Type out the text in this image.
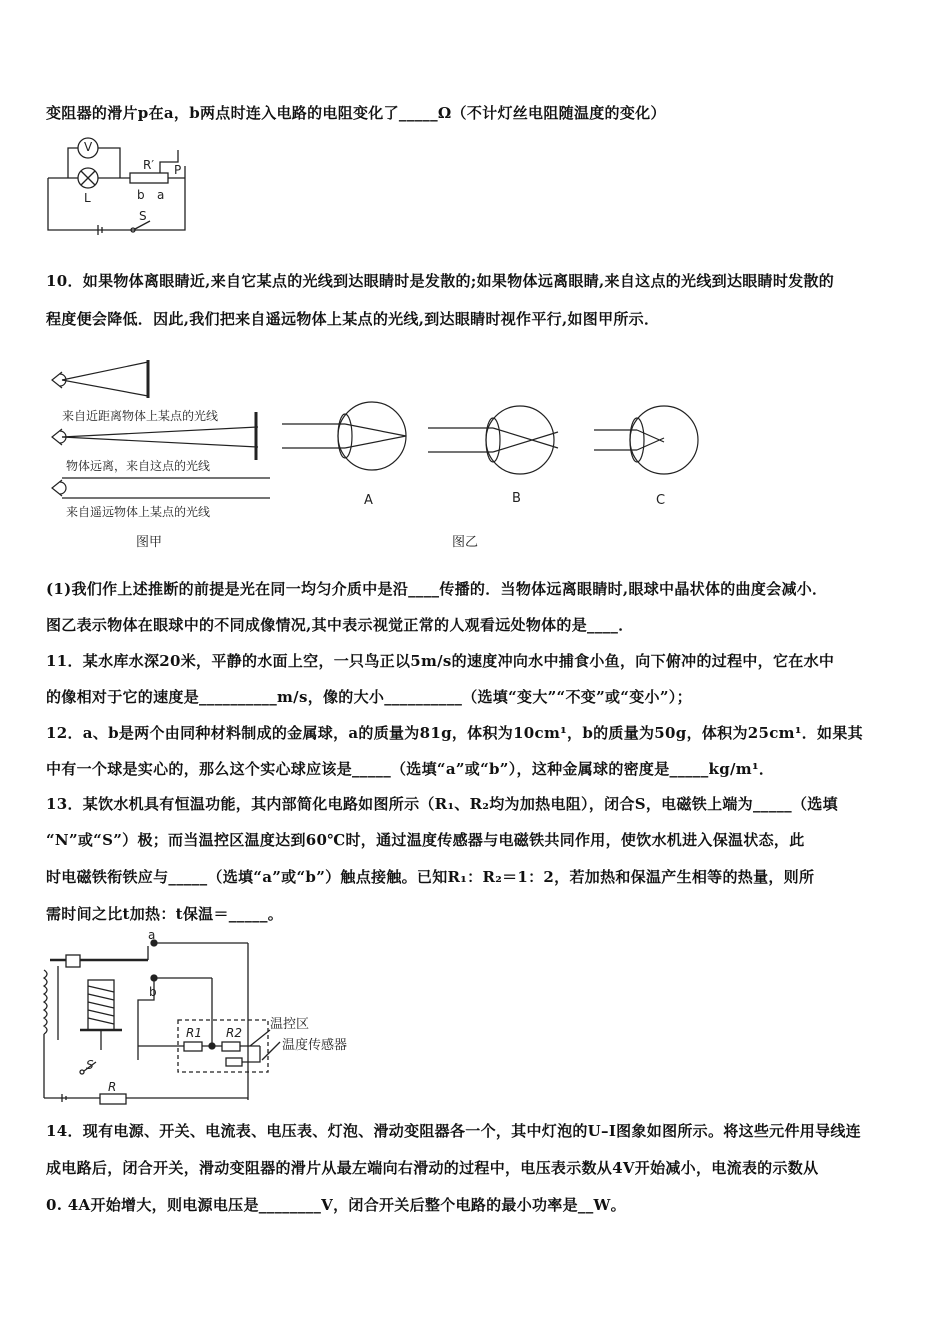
变阻器的滑片p在a，b两点时连入电路的电阻变化了_____Ω（不计灯丝电阻随温度的变化）
V
L
R′ P
b a
S
10．如果物体离眼睛近,来自它某点的光线到达眼睛时是发散的;如果物体远离眼睛,来自这点的光线到达眼睛时发散的
程度便会降低．因此,我们把来自遥远物体上某点的光线,到达眼睛时视作平行,如图甲所示．
来自近距离物体上某点的光线
物体远离，来自这点的光线
来自遥远物体上某点的光线
图甲	图乙
A	B	C
(1)我们作上述推断的前提是光在同一均匀介质中是沿____传播的．当物体远离眼睛时,眼球中晶状体的曲度会减小．
图乙表示物体在眼球中的不同成像情况,其中表示视觉正常的人观看远处物体的是____．
11．某水库水深20米，平静的水面上空，一只鸟正以5m/s的速度冲向水中捕食小鱼，向下俯冲的过程中，它在水中
的像相对于它的速度是__________m/s，像的大小__________（选填“变大”“不变”或“变小”）；
12．a、b是两个由同种材料制成的金属球，a的质量为81g，体积为10cm¹，b的质量为50g，体积为25cm¹．如果其
中有一个球是实心的，那么这个实心球应该是_____（选填“a”或“b”），这种金属球的密度是_____kg/m¹．
13．某饮水机具有恒温功能，其内部简化电路如图所示（R₁、R₂均为加热电阻），闭合S，电磁铁上端为_____（选填
“N”或“S”）极；而当温控区温度达到60℃时，通过温度传感器与电磁铁共同作用，使饮水机进入保温状态，此
时电磁铁衔铁应与_____（选填“a”或“b”）触点接触。已知R₁：R₂＝1：2，若加热和保温产生相等的热量，则所
需时间之比t加热：t保温＝_____。
a
b
R1 R2
S
R
温控区
温度传感器
14．现有电源、开关、电流表、电压表、灯泡、滑动变阻器各一个，其中灯泡的U–I图象如图所示。将这些元件用导线连
成电路后，闭合开关，滑动变阻器的滑片从最左端向右滑动的过程中，电压表示数从4V开始减小，电流表的示数从
0. 4A开始增大，则电源电压是________V，闭合开关后整个电路的最小功率是__W。
